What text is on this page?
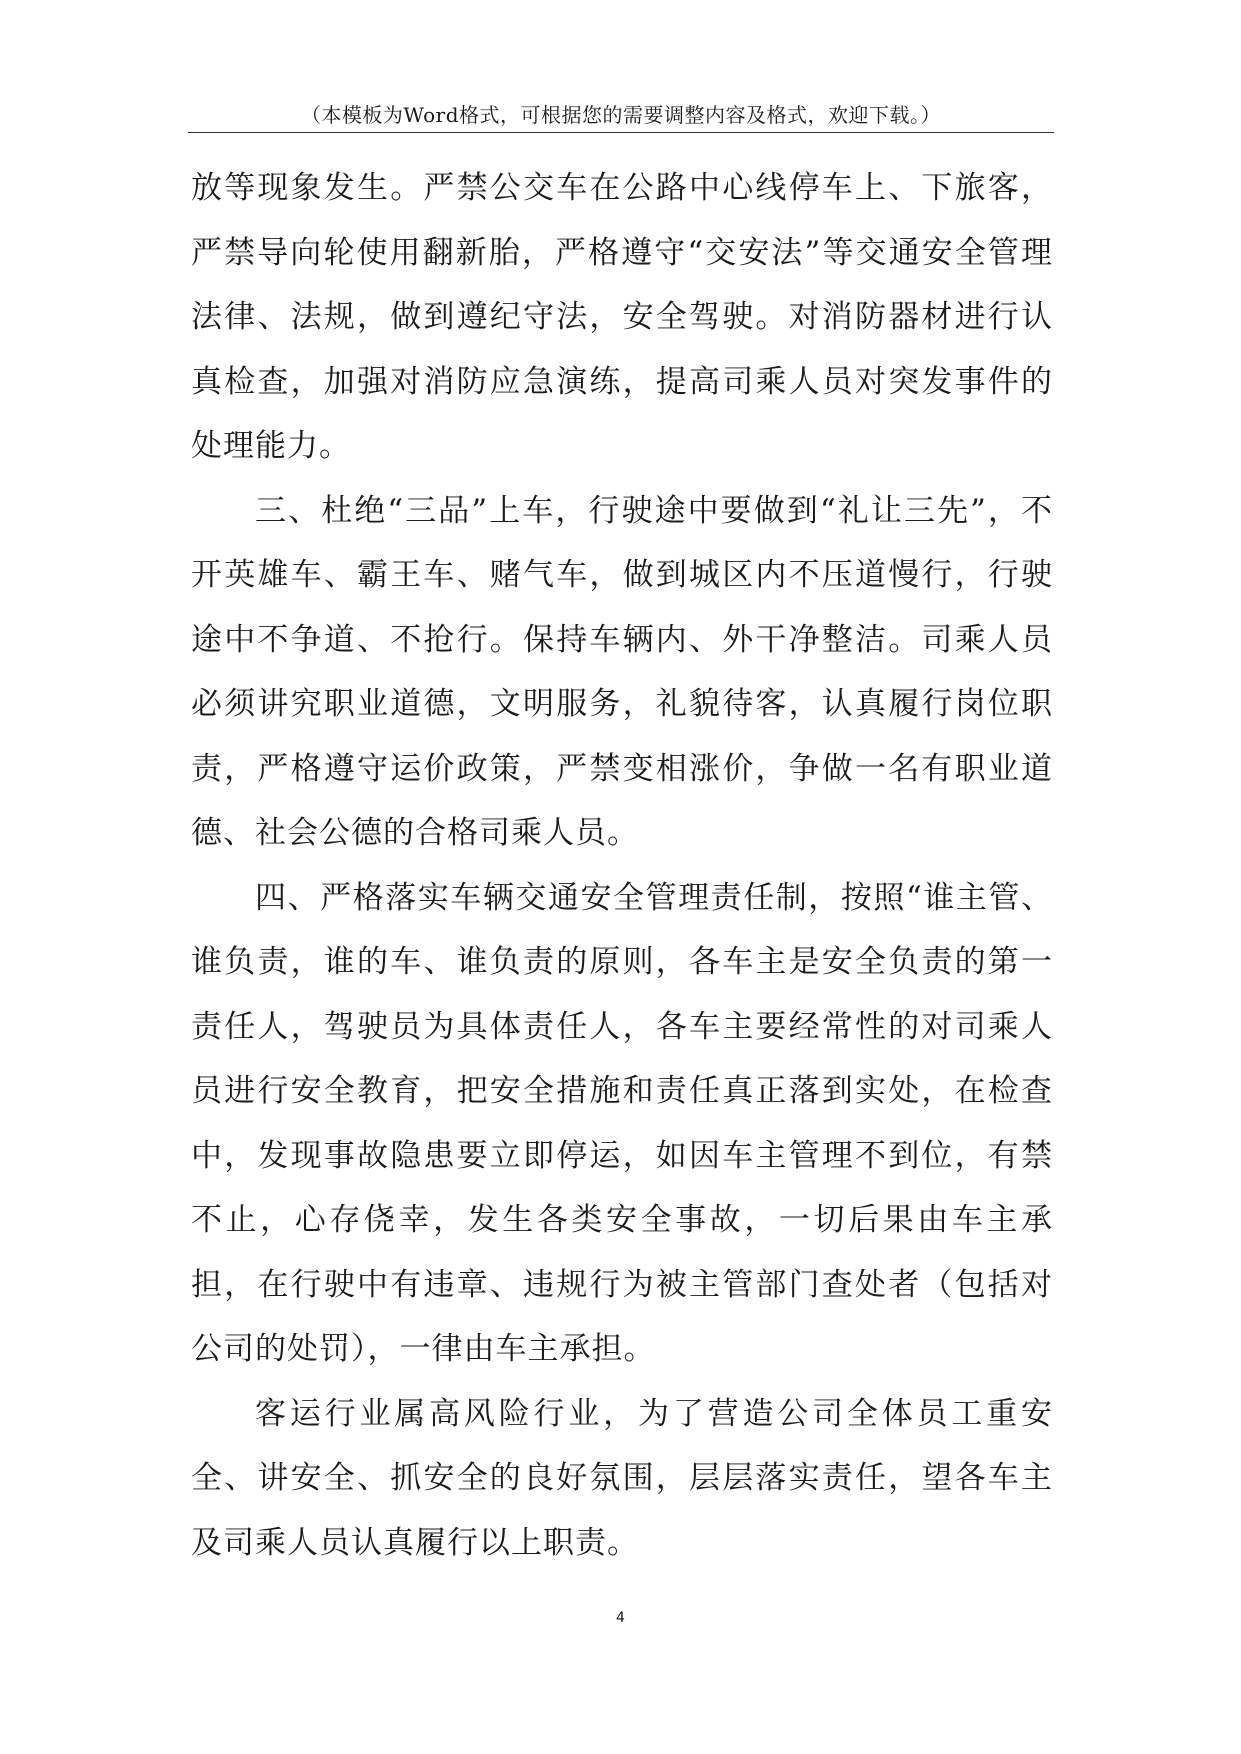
（本模板为Word格式，可根据您的需要调整内容及格式，欢迎下载。）

放等现象发生。严禁公交车在公路中心线停车上、下旅客，严禁导向轮使用翻新胎，严格遵守“交安法”等交通安全管理法律、法规，做到遵纪守法，安全驾驶。对消防器材进行认真检查，加强对消防应急演练，提高司乘人员对突发事件的处理能力。

三、杜绝“三品”上车，行驶途中要做到“礼让三先”，不开英雄车、霸王车、赌气车，做到城区内不压道慢行，行驶途中不争道、不抢行。保持车辆内、外干净整洁。司乘人员必须讲究职业道德，文明服务，礼貌待客，认真履行岗位职责，严格遵守运价政策，严禁变相涨价，争做一名有职业道德、社会公德的合格司乘人员。

四、严格落实车辆交通安全管理责任制，按照“谁主管、谁负责，谁的车、谁负责的原则，各车主是安全负责的第一责任人，驾驶员为具体责任人，各车主要经常性的对司乘人员进行安全教育，把安全措施和责任真正落到实处，在检查中，发现事故隐患要立即停运，如因车主管理不到位，有禁不止，心存侥幸，发生各类安全事故，一切后果由车主承担，在行驶中有违章、违规行为被主管部门查处者（包括对公司的处罚），一律由车主承担。

客运行业属高风险行业，为了营造公司全体员工重安全、讲安全、抓安全的良好氛围，层层落实责任，望各车主及司乘人员认真履行以上职责。

4
